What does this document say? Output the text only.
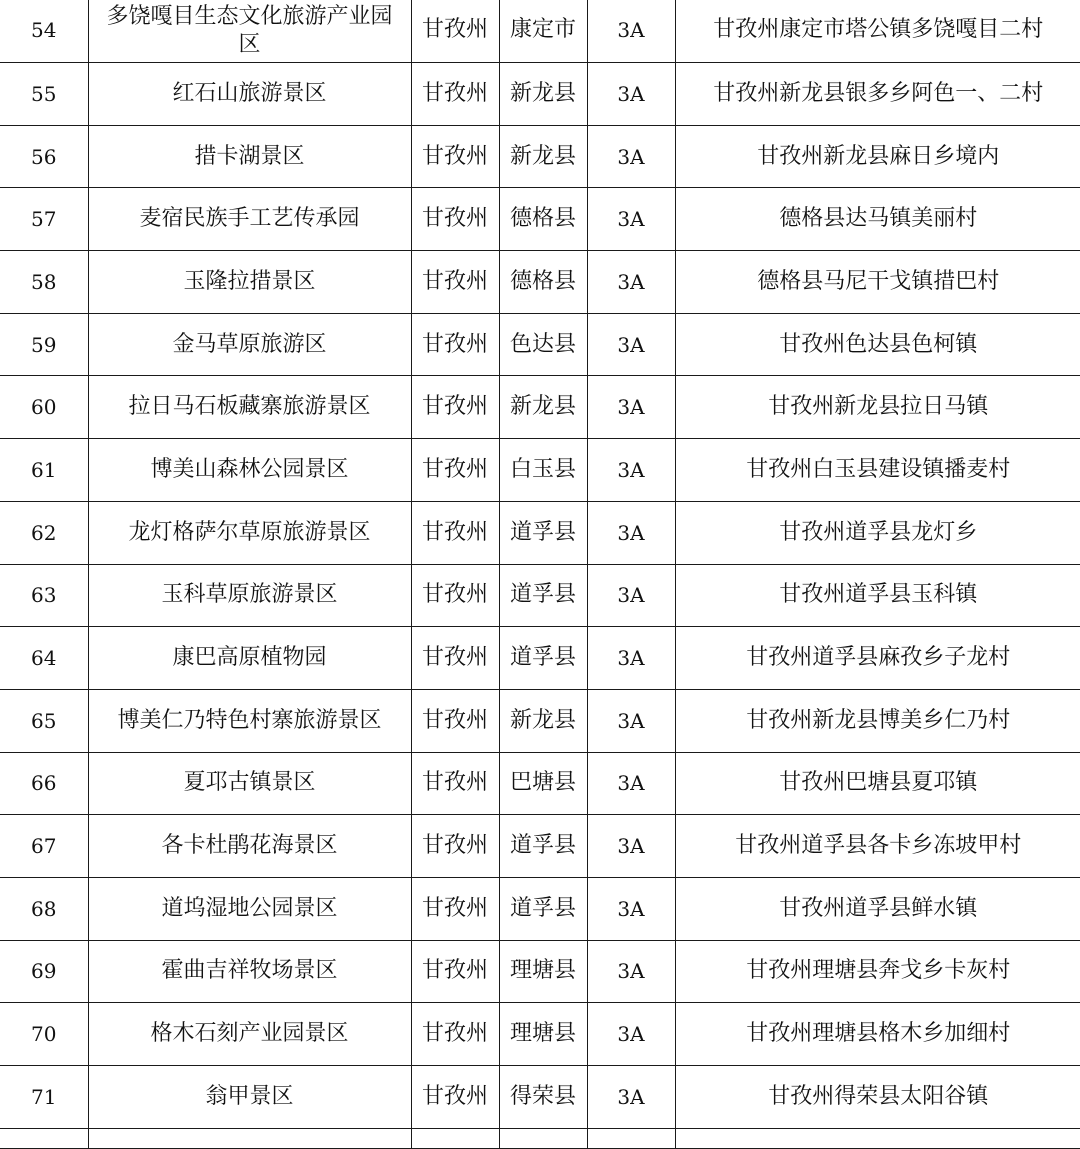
54	多饶嘎目生态文化旅游产业园区	甘孜州	康定市	3A	甘孜州康定市塔公镇多饶嘎目二村
55	红石山旅游景区	甘孜州	新龙县	3A	甘孜州新龙县银多乡阿色一、二村
56	措卡湖景区	甘孜州	新龙县	3A	甘孜州新龙县麻日乡境内
57	麦宿民族手工艺传承园	甘孜州	德格县	3A	德格县达马镇美丽村
58	玉隆拉措景区	甘孜州	德格县	3A	德格县马尼干戈镇措巴村
59	金马草原旅游区	甘孜州	色达县	3A	甘孜州色达县色柯镇
60	拉日马石板藏寨旅游景区	甘孜州	新龙县	3A	甘孜州新龙县拉日马镇
61	博美山森林公园景区	甘孜州	白玉县	3A	甘孜州白玉县建设镇播麦村
62	龙灯格萨尔草原旅游景区	甘孜州	道孚县	3A	甘孜州道孚县龙灯乡
63	玉科草原旅游景区	甘孜州	道孚县	3A	甘孜州道孚县玉科镇
64	康巴高原植物园	甘孜州	道孚县	3A	甘孜州道孚县麻孜乡子龙村
65	博美仁乃特色村寨旅游景区	甘孜州	新龙县	3A	甘孜州新龙县博美乡仁乃村
66	夏邛古镇景区	甘孜州	巴塘县	3A	甘孜州巴塘县夏邛镇
67	各卡杜鹃花海景区	甘孜州	道孚县	3A	甘孜州道孚县各卡乡冻坡甲村
68	道坞湿地公园景区	甘孜州	道孚县	3A	甘孜州道孚县鲜水镇
69	霍曲吉祥牧场景区	甘孜州	理塘县	3A	甘孜州理塘县奔戈乡卡灰村
70	格木石刻产业园景区	甘孜州	理塘县	3A	甘孜州理塘县格木乡加细村
71	翁甲景区	甘孜州	得荣县	3A	甘孜州得荣县太阳谷镇
